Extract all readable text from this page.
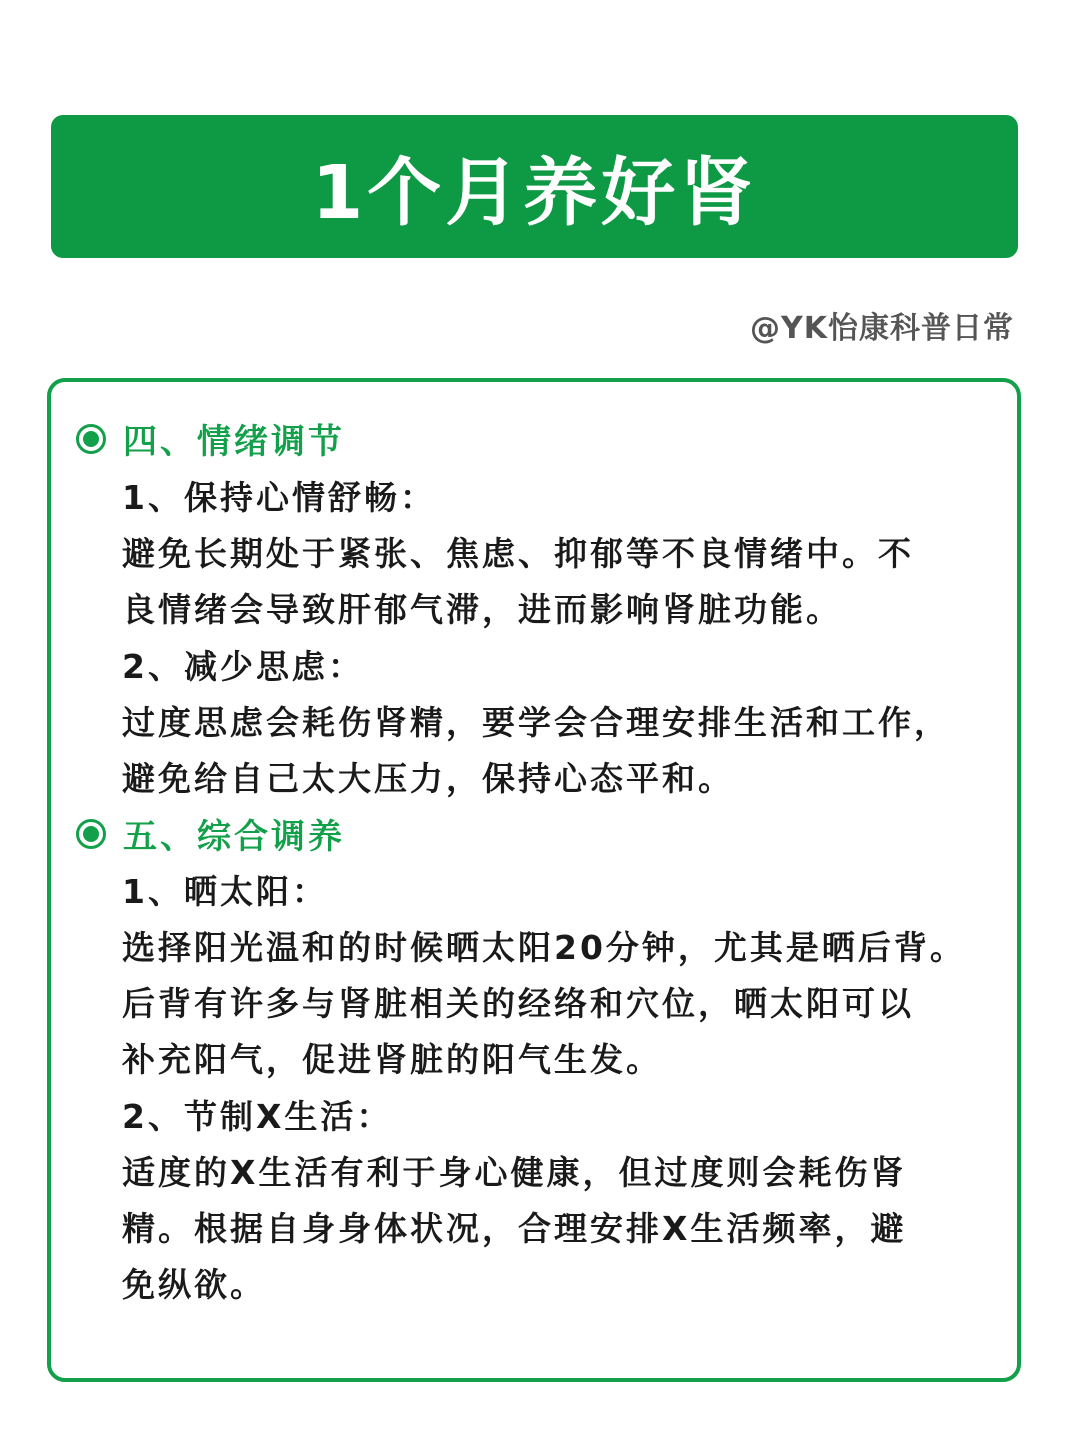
1个月养好肾
@YK怡康科普日常
四、情绪调节
1、保持心情舒畅：
避免长期处于紧张、焦虑、抑郁等不良情绪中。不
良情绪会导致肝郁气滞，进而影响肾脏功能。
2、减少思虑：
过度思虑会耗伤肾精，要学会合理安排生活和工作，
避免给自己太大压力，保持心态平和。
五、综合调养
1、晒太阳：
选择阳光温和的时候晒太阳20分钟，尤其是晒后背。
后背有许多与肾脏相关的经络和穴位，晒太阳可以
补充阳气，促进肾脏的阳气生发。
2、节制X生活：
适度的X生活有利于身心健康，但过度则会耗伤肾
精。根据自身身体状况，合理安排X生活频率，避
免纵欲。
